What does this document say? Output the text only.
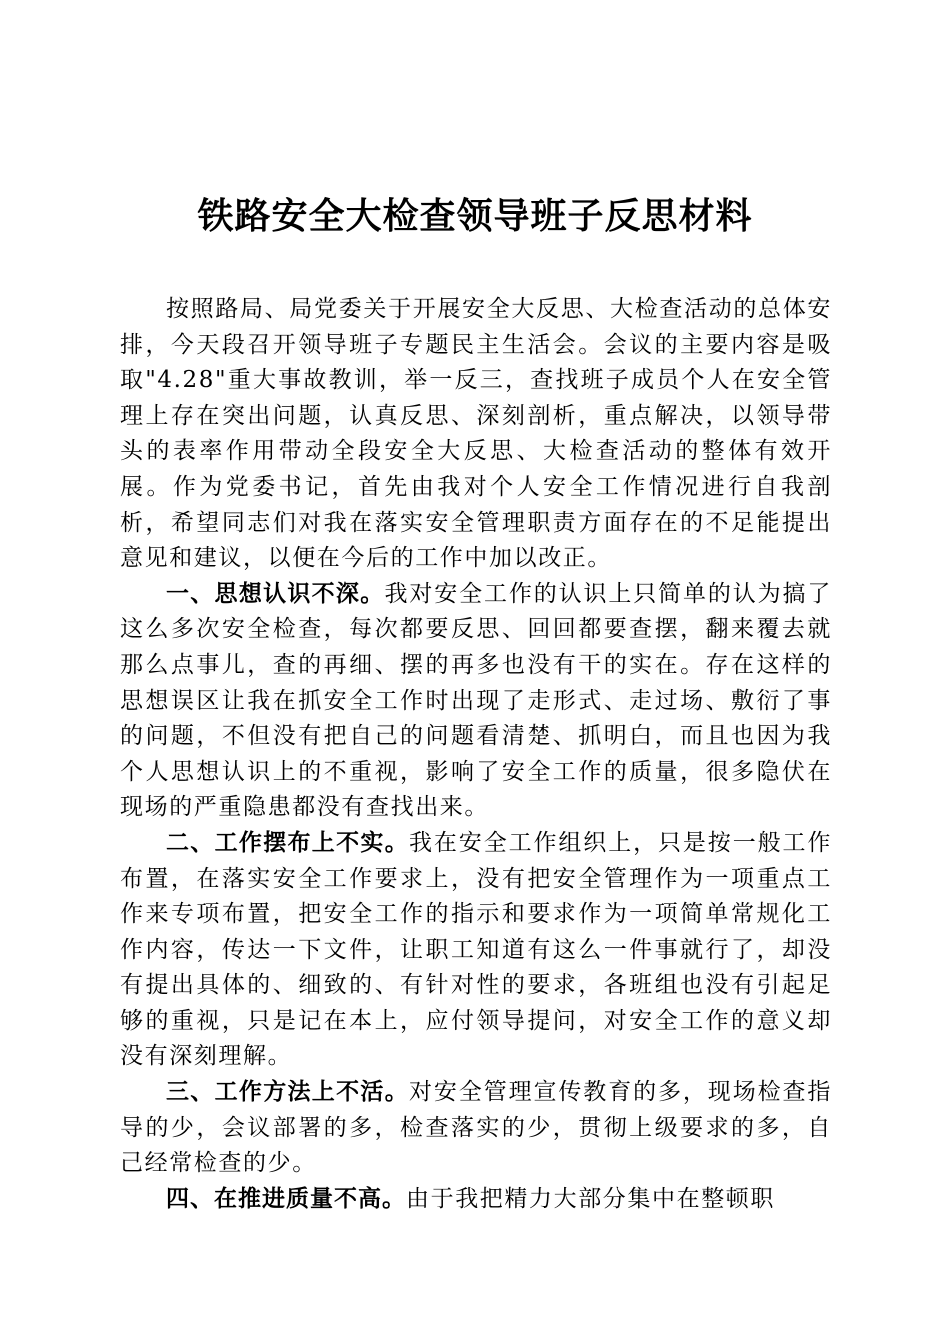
铁路安全大检查领导班子反思材料

按照路局、局党委关于开展安全大反思、大检查活动的总体安排，今天段召开领导班子专题民主生活会。会议的主要内容是吸取"4.28"重大事故教训，举一反三，查找班子成员个人在安全管理上存在突出问题，认真反思、深刻剖析，重点解决，以领导带头的表率作用带动全段安全大反思、大检查活动的整体有效开展。作为党委书记，首先由我对个人安全工作情况进行自我剖析，希望同志们对我在落实安全管理职责方面存在的不足能提出意见和建议，以便在今后的工作中加以改正。

一、思想认识不深。我对安全工作的认识上只简单的认为搞了这么多次安全检查，每次都要反思、回回都要查摆，翻来覆去就那么点事儿，查的再细、摆的再多也没有干的实在。存在这样的思想误区让我在抓安全工作时出现了走形式、走过场、敷衍了事的问题，不但没有把自己的问题看清楚、抓明白，而且也因为我个人思想认识上的不重视，影响了安全工作的质量，很多隐伏在现场的严重隐患都没有查找出来。

二、工作摆布上不实。我在安全工作组织上，只是按一般工作布置，在落实安全工作要求上，没有把安全管理作为一项重点工作来专项布置，把安全工作的指示和要求作为一项简单常规化工作内容，传达一下文件，让职工知道有这么一件事就行了，却没有提出具体的、细致的、有针对性的要求，各班组也没有引起足够的重视，只是记在本上，应付领导提问，对安全工作的意义却没有深刻理解。

三、工作方法上不活。对安全管理宣传教育的多，现场检查指导的少，会议部署的多，检查落实的少，贯彻上级要求的多，自己经常检查的少。

四、在推进质量不高。由于我把精力大部分集中在整顿职
